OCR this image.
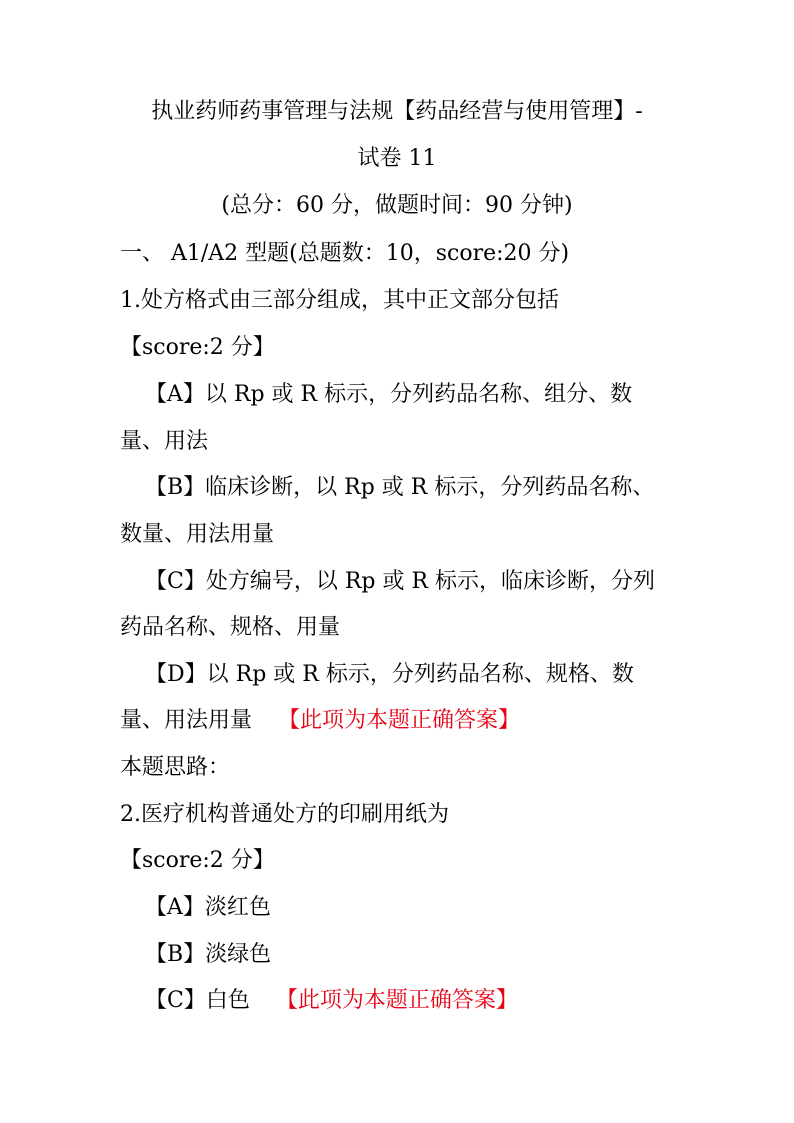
执业药师药事管理与法规【药品经营与使用管理】-
试卷 11
(总分：60 分，做题时间：90 分钟)
一、 A1/A2 型题(总题数：10，score:20 分)
1.处方格式由三部分组成，其中正文部分包括
【score:2 分】
【A】以 Rp 或 R 标示，分列药品名称、组分、数
量、用法
【B】临床诊断，以 Rp 或 R 标示，分列药品名称、
数量、用法用量
【C】处方编号，以 Rp 或 R 标示，临床诊断，分列
药品名称、规格、用量
【D】以 Rp 或 R 标示，分列药品名称、规格、数
量、用法用量 【此项为本题正确答案】
本题思路：
2.医疗机构普通处方的印刷用纸为
【score:2 分】
【A】淡红色
【B】淡绿色
【C】白色 【此项为本题正确答案】
